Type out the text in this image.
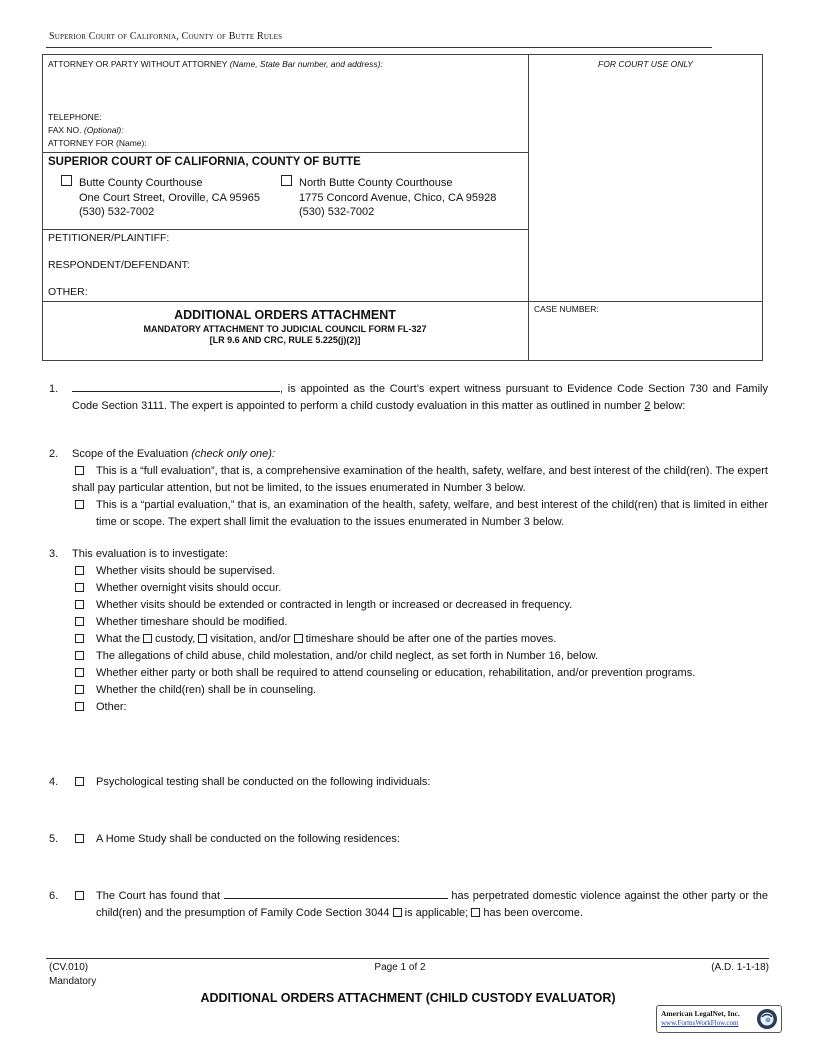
Superior Court of California, County of Butte Rules
ATTORNEY OR PARTY WITHOUT ATTORNEY (Name, State Bar number, and address):	FOR COURT USE ONLY
TELEPHONE:
FAX NO. (Optional):
ATTORNEY FOR (Name):
SUPERIOR COURT OF CALIFORNIA, COUNTY OF BUTTE
Butte County Courthouse
One Court Street, Oroville, CA 95965
(530) 532-7002
North Butte County Courthouse
1775 Concord Avenue, Chico, CA 95928
(530) 532-7002
PETITIONER/PLAINTIFF:
RESPONDENT/DEFENDANT:
OTHER:
ADDITIONAL ORDERS ATTACHMENT
MANDATORY ATTACHMENT TO JUDICIAL COUNCIL FORM FL-327
[LR 9.6 AND CRC, RULE 5.225(j)(2)]
CASE NUMBER:
1.	, is appointed as the Court’s expert witness pursuant to Evidence Code Section 730 and Family Code Section 3111. The expert is appointed to perform a child custody evaluation in this matter as outlined in number 2 below:
2. Scope of the Evaluation (check only one):
This is a “full evaluation”, that is, a comprehensive examination of the health, safety, welfare, and best interest of the child(ren). The expert shall pay particular attention, but not be limited, to the issues enumerated in Number 3 below.
This is a “partial evaluation,” that is, an examination of the health, safety, welfare, and best interest of the child(ren) that is limited in either time or scope. The expert shall limit the evaluation to the issues enumerated in Number 3 below.
3. This evaluation is to investigate:
Whether visits should be supervised.
Whether overnight visits should occur.
Whether visits should be extended or contracted in length or increased or decreased in frequency.
Whether timeshare should be modified.
What the  custody,  visitation, and/or  timeshare should be after one of the parties moves.
The allegations of child abuse, child molestation, and/or child neglect, as set forth in Number 16, below.
Whether either party or both shall be required to attend counseling or education, rehabilitation, and/or prevention programs.
Whether the child(ren) shall be in counseling.
Other:
4.	Psychological testing shall be conducted on the following individuals:
5.	A Home Study shall be conducted on the following residences:
6.	The Court has found that	has perpetrated domestic violence against the other party or the child(ren) and the presumption of Family Code Section 3044  is applicable;  has been overcome.
(CV.010)
Mandatory
Page 1 of 2	(A.D. 1-1-18)
ADDITIONAL ORDERS ATTACHMENT (CHILD CUSTODY EVALUATOR)
American LegalNet, Inc.
www.FormsWorkFlow.com
